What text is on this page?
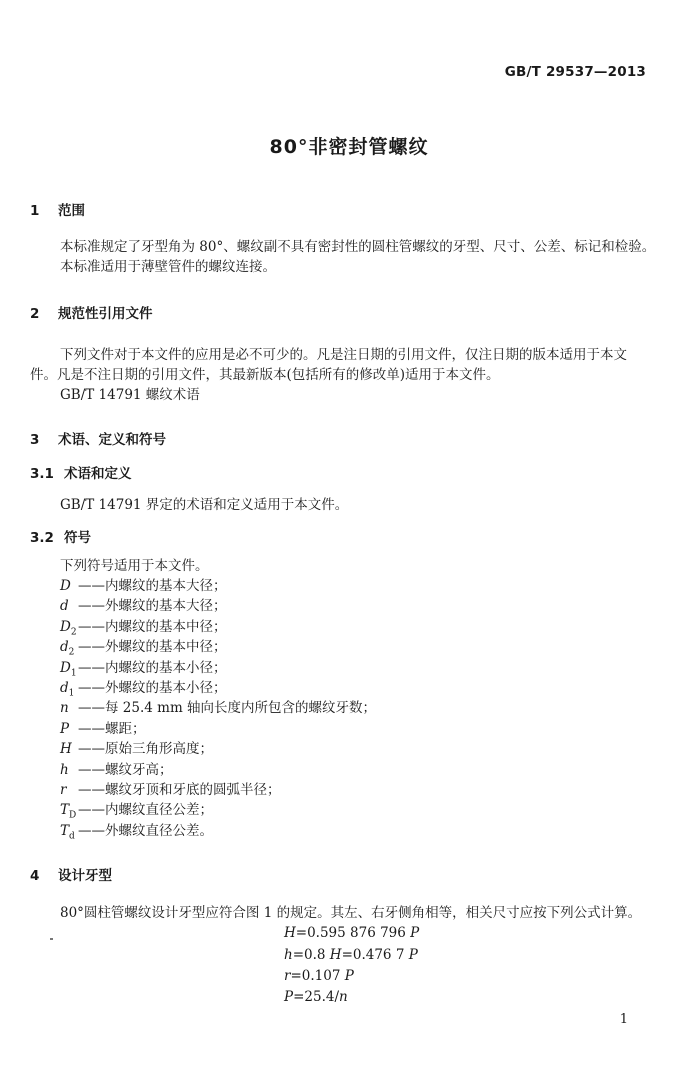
GB/T 29537—2013
80°非密封管螺纹
1 范围
本标准规定了牙型角为 80°、螺纹副不具有密封性的圆柱管螺纹的牙型、尺寸、公差、标记和检验。
本标准适用于薄壁管件的螺纹连接。
2 规范性引用文件
下列文件对于本文件的应用是必不可少的。凡是注日期的引用文件，仅注日期的版本适用于本文
件。凡是不注日期的引用文件，其最新版本(包括所有的修改单)适用于本文件。
GB/T 14791 螺纹术语
3 术语、定义和符号
3.1 术语和定义
GB/T 14791 界定的术语和定义适用于本文件。
3.2 符号
下列符号适用于本文件。
D ——内螺纹的基本大径；
d ——外螺纹的基本大径；
$D_2——$内螺纹的基本中径；
$d_2$ ——外螺纹的基本中径；
$D_1——$内螺纹的基本小径；
$d_1$ ——外螺纹的基本小径；
n ——每 25.4 mm 轴向长度内所包含的螺纹牙数；
P ——螺距；
H ——原始三角形高度；
h ——螺纹牙高；
r ——螺纹牙顶和牙底的圆弧半径；
$T_D$ ——内螺纹直径公差；
$T_d$ ——外螺纹直径公差。
4 设计牙型
80°圆柱管螺纹设计牙型应符合图 1 的规定。其左、右牙侧角相等，相关尺寸应按下列公式计算。
H=0.595 876 796 P
h=0.8 H=0.476 7 P
r=0.107 P
P=25.4/n
1
